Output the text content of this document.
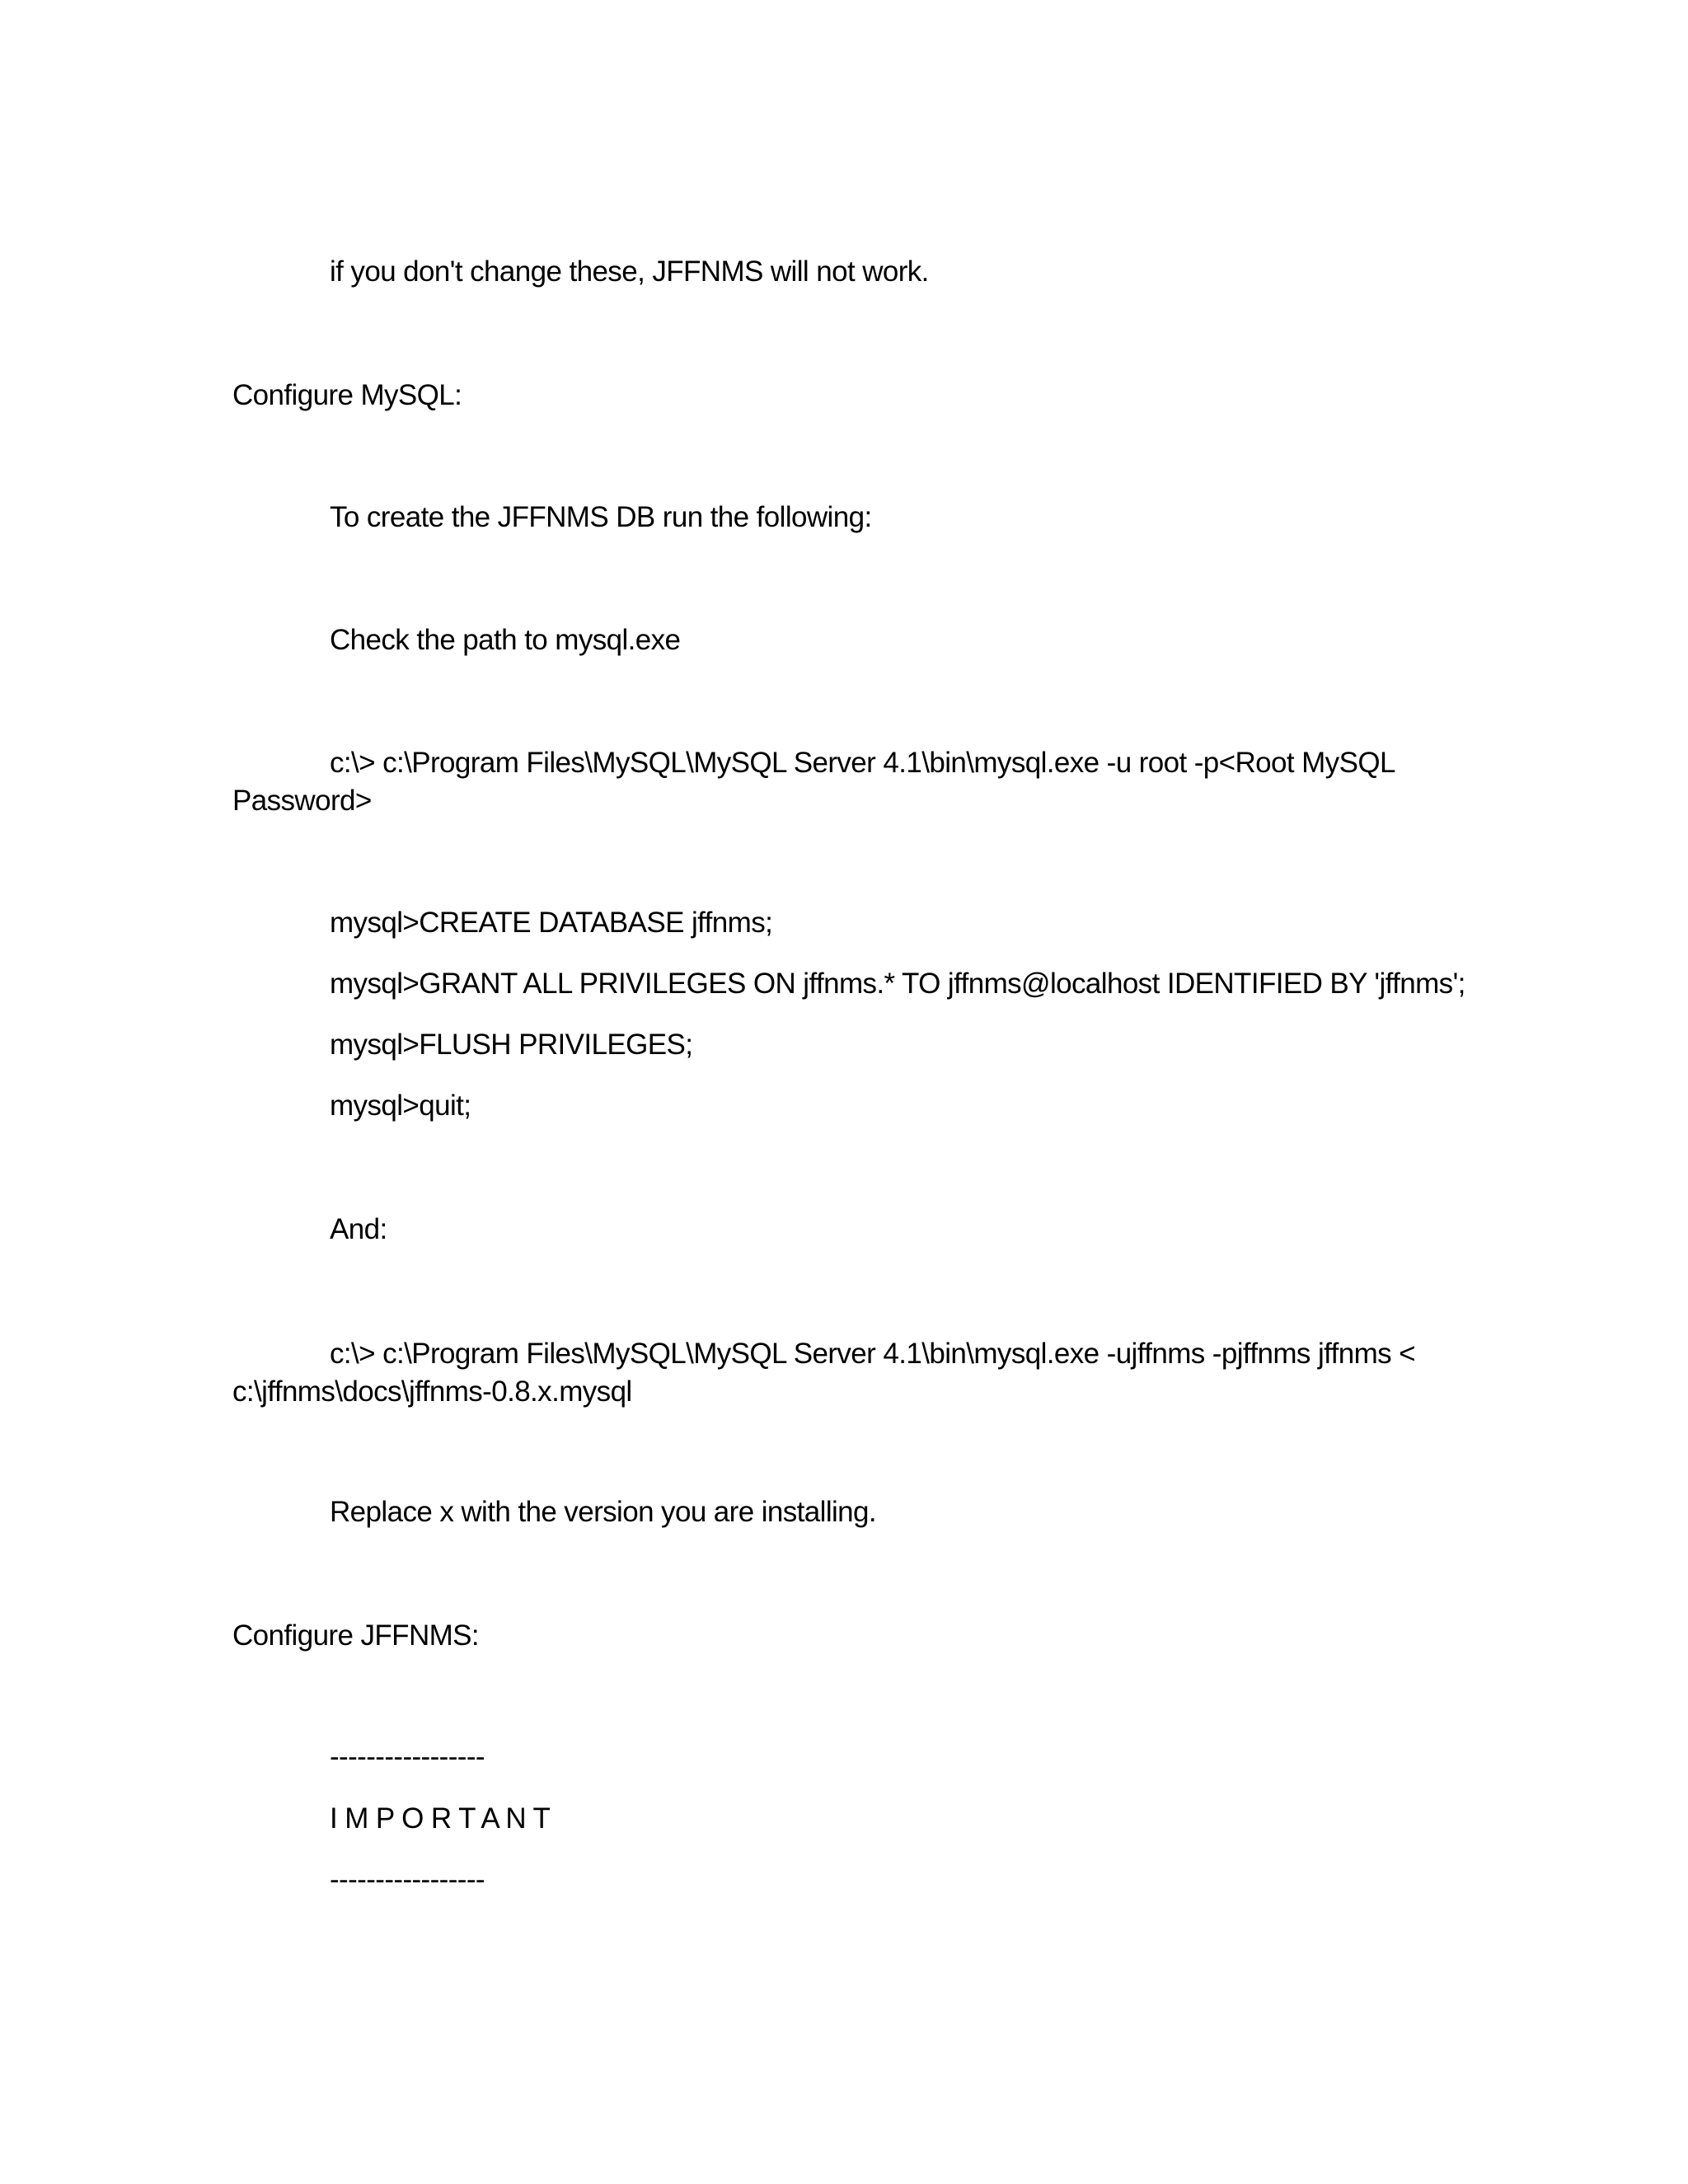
if you don't change these, JFFNMS will not work.
Configure MySQL:
To create the JFFNMS DB run the following:
Check the path to mysql.exe
c:\> c:\Program Files\MySQL\MySQL Server 4.1\bin\mysql.exe -u root -p<Root MySQL Password>
mysql>CREATE DATABASE jffnms;
mysql>GRANT ALL PRIVILEGES ON jffnms.* TO jffnms@localhost IDENTIFIED BY 'jffnms';
mysql>FLUSH PRIVILEGES;
mysql>quit;
And:
c:\> c:\Program Files\MySQL\MySQL Server 4.1\bin\mysql.exe -ujffnms -pjffnms jffnms < c:\jffnms\docs\jffnms-0.8.x.mysql
Replace x with the version you are installing.
Configure JFFNMS:
-----------------
I M P O R T A N T
-----------------
